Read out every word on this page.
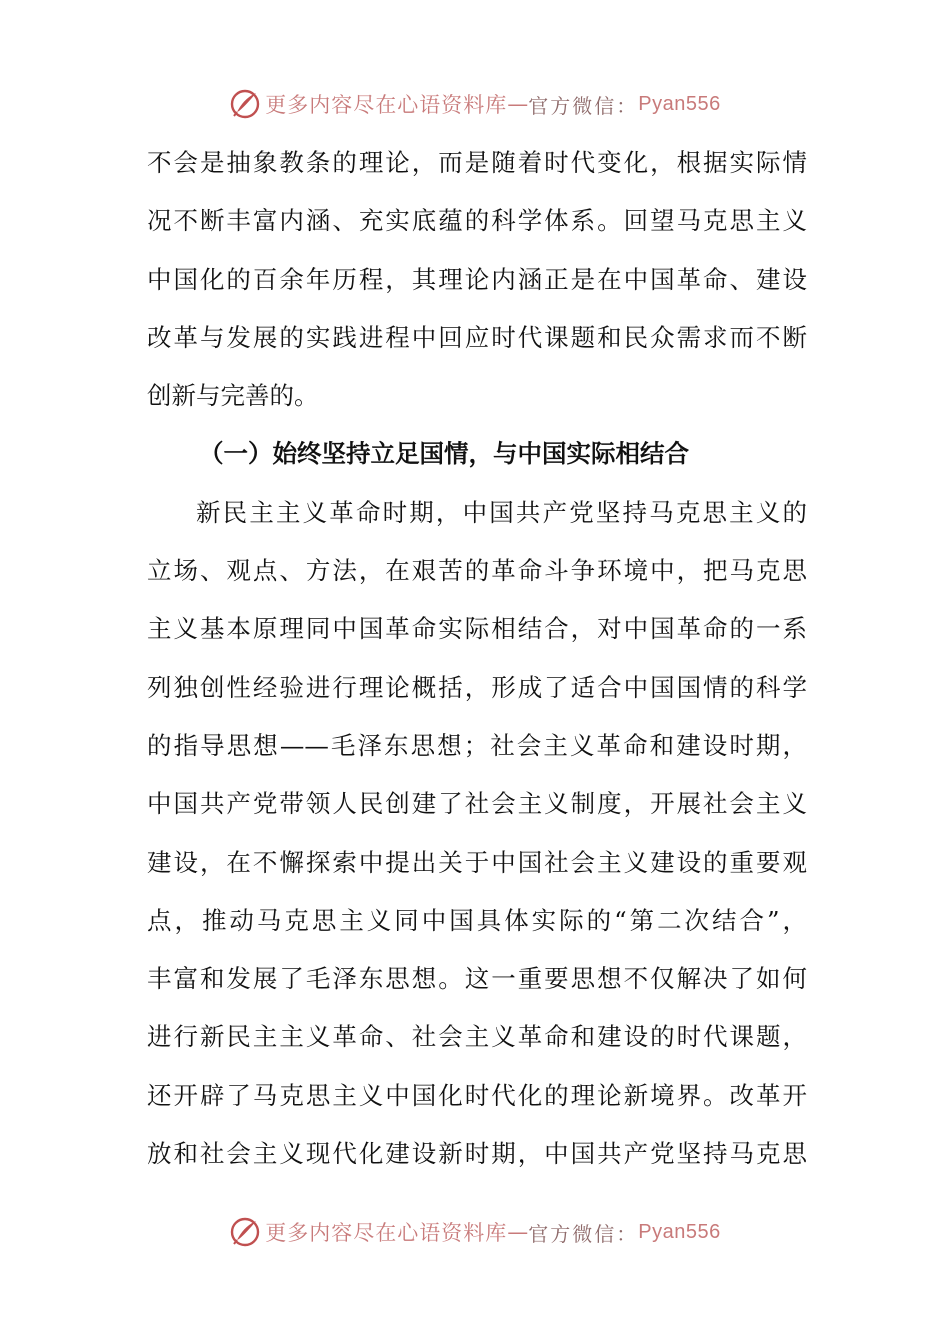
更多内容尽在心语资料库 — 官方微信： Pyan556
不会是抽象教条的理论，而是随着时代变化，根据实际情
况不断丰富内涵、充实底蕴的科学体系。回望马克思主义
中国化的百余年历程，其理论内涵正是在中国革命、建设
改革与发展的实践进程中回应时代课题和民众需求而不断
创新与完善的。
（一）始终坚持立足国情，与中国实际相结合
新民主主义革命时期，中国共产党坚持马克思主义的
立场、观点、方法，在艰苦的革命斗争环境中，把马克思
主义基本原理同中国革命实际相结合，对中国革命的一系
列独创性经验进行理论概括，形成了适合中国国情的科学
的指导思想——毛泽东思想；社会主义革命和建设时期，
中国共产党带领人民创建了社会主义制度，开展社会主义
建设，在不懈探索中提出关于中国社会主义建设的重要观
点，推动马克思主义同中国具体实际的“第二次结合”，
丰富和发展了毛泽东思想。这一重要思想不仅解决了如何
进行新民主主义革命、社会主义革命和建设的时代课题，
还开辟了马克思主义中国化时代化的理论新境界。改革开
放和社会主义现代化建设新时期，中国共产党坚持马克思
更多内容尽在心语资料库 — 官方微信： Pyan556
